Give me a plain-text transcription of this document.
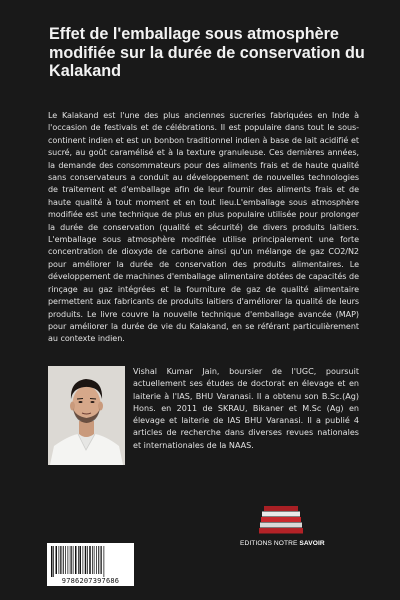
Effet de l'emballage sous atmosphère modifiée sur la durée de conservation du Kalakand
Le Kalakand est l'une des plus anciennes sucreries fabriquées en Inde à l'occasion de festivals et de célébrations. Il est populaire dans tout le sous-continent indien et est un bonbon traditionnel indien à base de lait acidifié et sucré, au goût caramélisé et à la texture granuleuse. Ces dernières années, la demande des consommateurs pour des aliments frais et de haute qualité sans conservateurs a conduit au développement de nouvelles technologies de traitement et d'emballage afin de leur fournir des aliments frais et de haute qualité à tout moment et en tout lieu.L'emballage sous atmosphère modifiée est une technique de plus en plus populaire utilisée pour prolonger la durée de conservation (qualité et sécurité) de divers produits laitiers. L'emballage sous atmosphère modifiée utilise principalement une forte concentration de dioxyde de carbone ainsi qu'un mélange de gaz CO2/N2 pour améliorer la durée de conservation des produits alimentaires. Le développement de machines d'emballage alimentaire dotées de capacités de rinçage au gaz intégrées et la fourniture de gaz de qualité alimentaire permettent aux fabricants de produits laitiers d'améliorer la qualité de leurs produits. Le livre couvre la nouvelle technique d'emballage avancée (MAP) pour améliorer la durée de vie du Kalakand, en se référant particulièrement au contexte indien.
Vishal Kumar Jain, boursier de l'UGC, poursuit actuellement ses études de doctorat en élevage et en laiterie à l'IAS, BHU Varanasi. Il a obtenu son B.Sc.(Ag) Hons. en 2011 de SKRAU, Bikaner et M.Sc (Ag) en élevage et laiterie de IAS BHU Varanasi. Il a publié 4 articles de recherche dans diverses revues nationales et internationales de la NAAS.
EDITIONS NOTRE SAVOIR
9786207397686
